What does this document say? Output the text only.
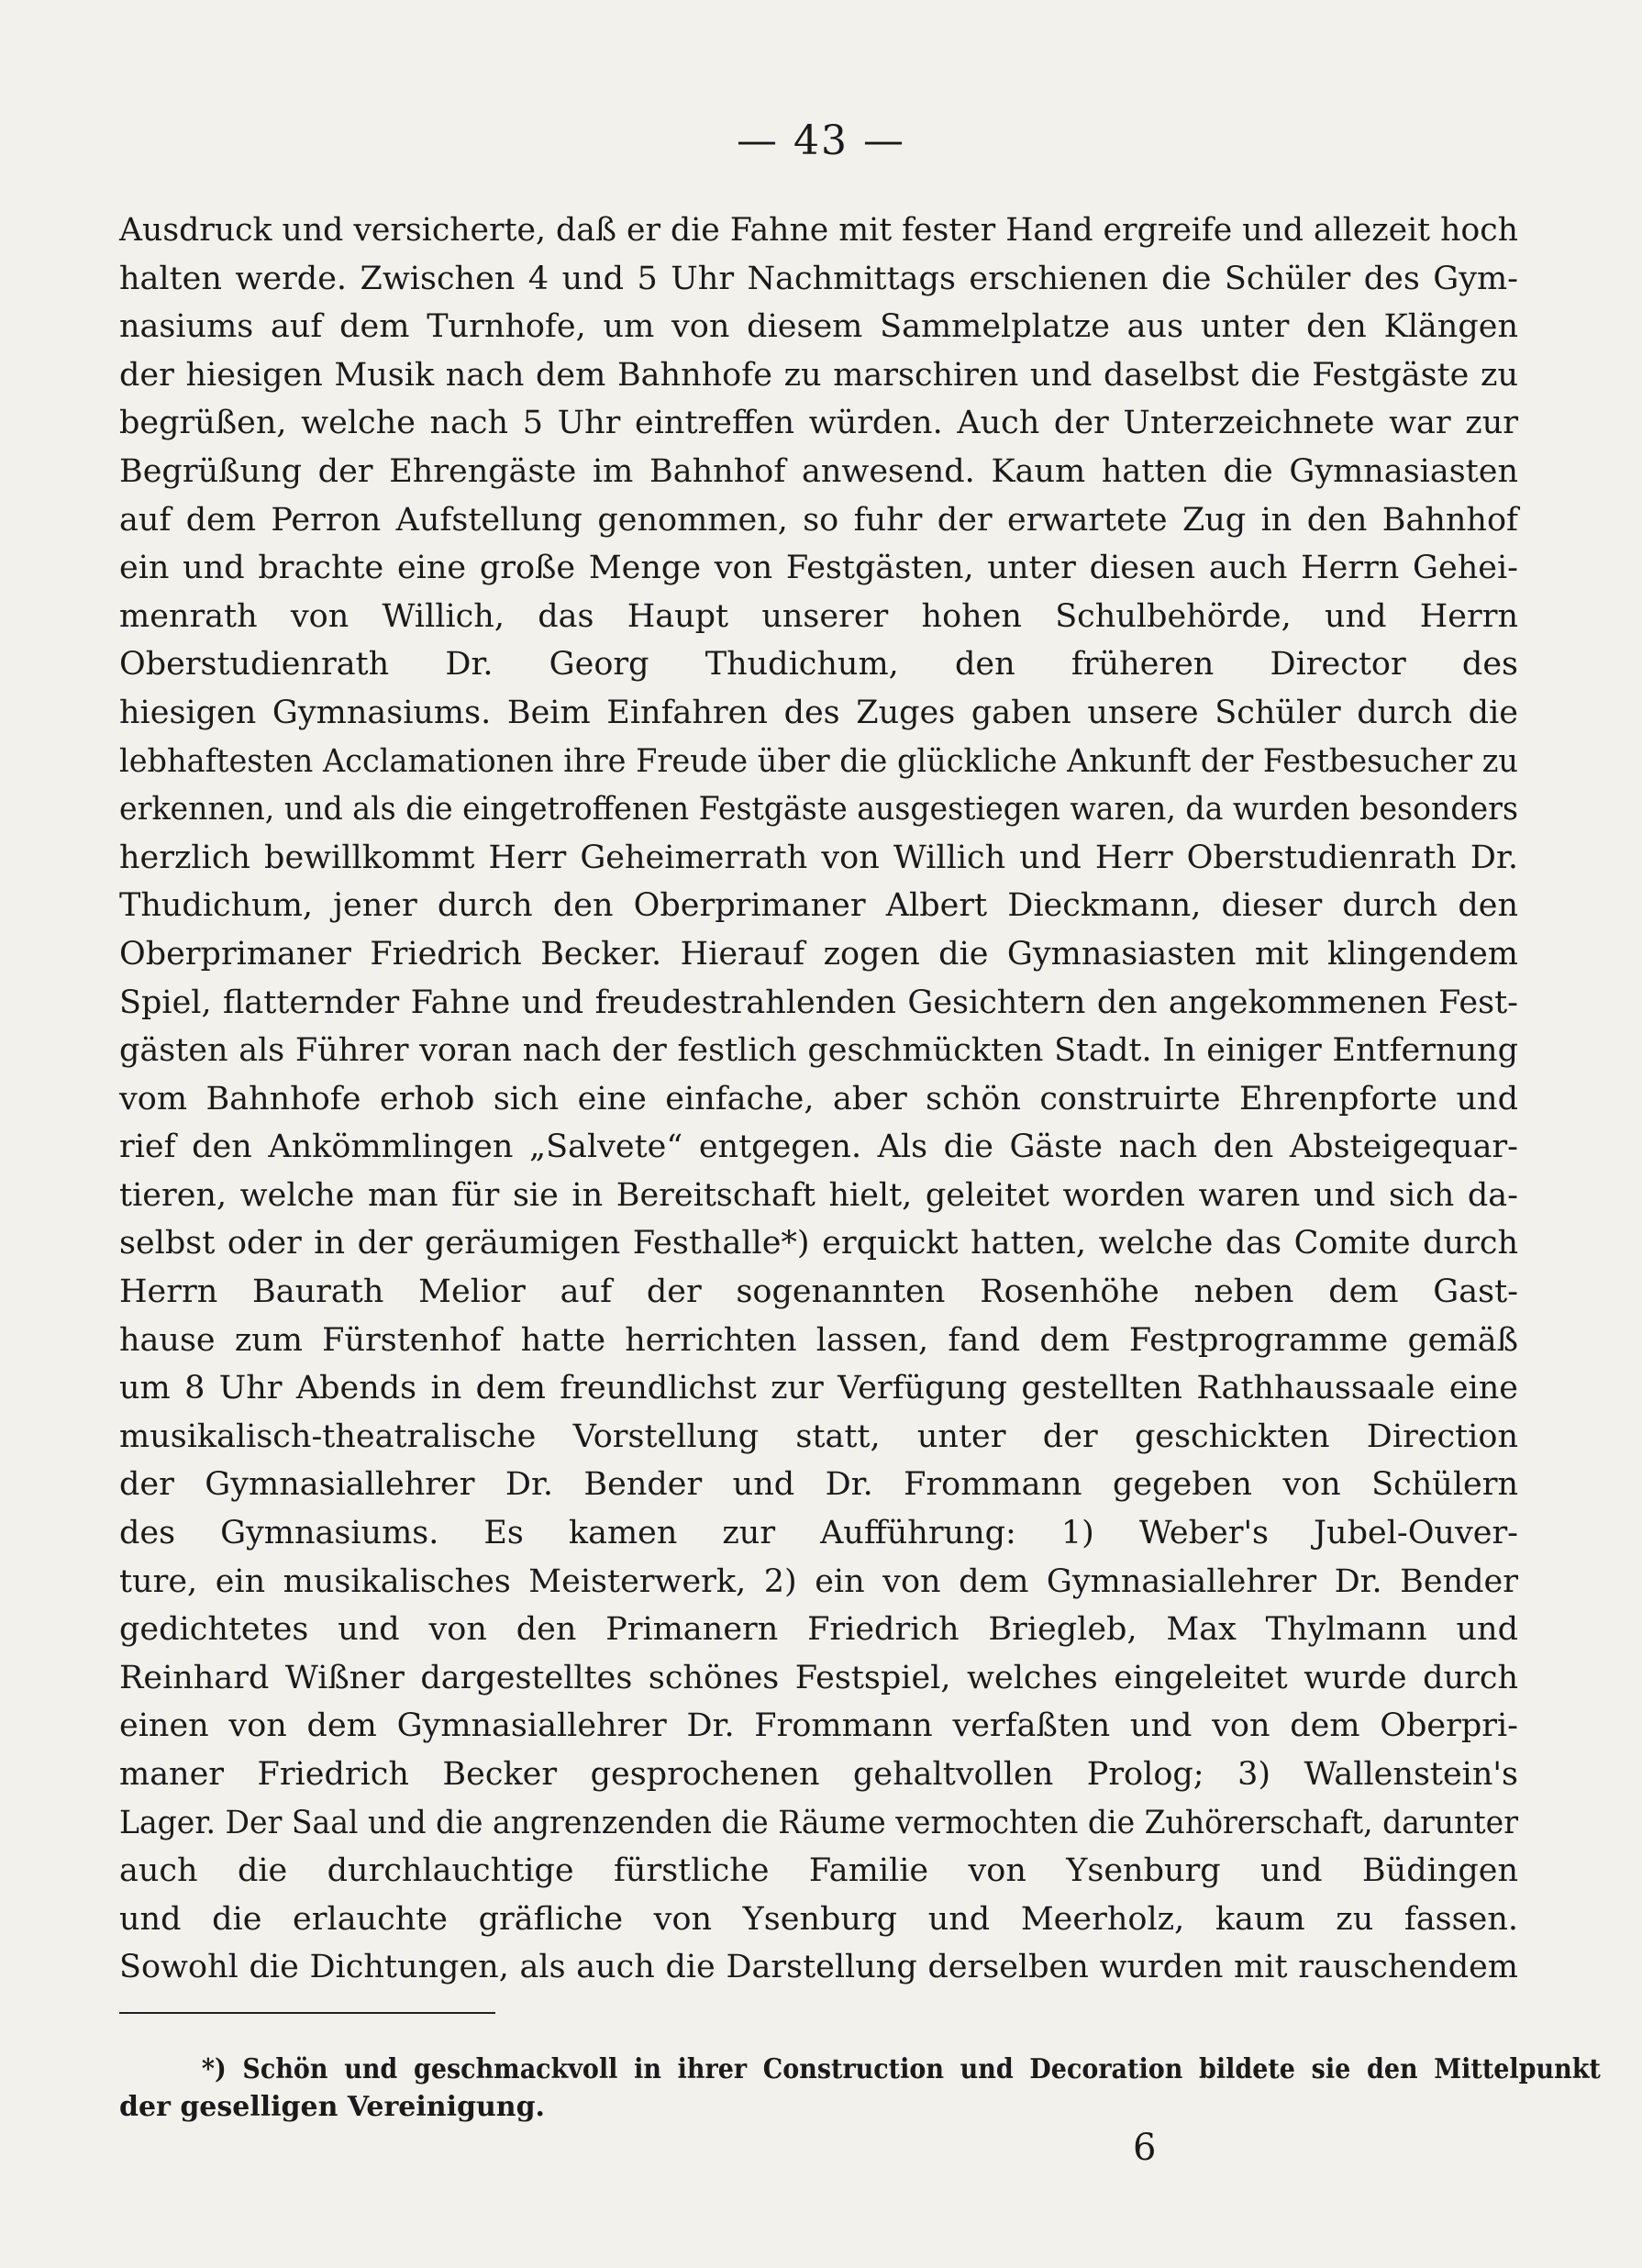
— 43 —
Ausdruck und versicherte, daß er die Fahne mit fester Hand ergreife und allezeit hoch
halten werde. Zwischen 4 und 5 Uhr Nachmittags erschienen die Schüler des Gym-
nasiums auf dem Turnhofe, um von diesem Sammelplatze aus unter den Klängen
der hiesigen Musik nach dem Bahnhofe zu marschiren und daselbst die Festgäste zu
begrüßen, welche nach 5 Uhr eintreffen würden. Auch der Unterzeichnete war zur
Begrüßung der Ehrengäste im Bahnhof anwesend. Kaum hatten die Gymnasiasten
auf dem Perron Aufstellung genommen, so fuhr der erwartete Zug in den Bahnhof
ein und brachte eine große Menge von Festgästen, unter diesen auch Herrn Gehei-
menrath von Willich, das Haupt unserer hohen Schulbehörde, und Herrn
Oberstudienrath Dr. Georg Thudichum, den früheren Director des
hiesigen Gymnasiums. Beim Einfahren des Zuges gaben unsere Schüler durch die
lebhaftesten Acclamationen ihre Freude über die glückliche Ankunft der Festbesucher zu
erkennen, und als die eingetroffenen Festgäste ausgestiegen waren, da wurden besonders
herzlich bewillkommt Herr Geheimerrath von Willich und Herr Oberstudienrath Dr.
Thudichum, jener durch den Oberprimaner Albert Dieckmann, dieser durch den
Oberprimaner Friedrich Becker. Hierauf zogen die Gymnasiasten mit klingendem
Spiel, flatternder Fahne und freudestrahlenden Gesichtern den angekommenen Fest-
gästen als Führer voran nach der festlich geschmückten Stadt. In einiger Entfernung
vom Bahnhofe erhob sich eine einfache, aber schön construirte Ehrenpforte und
rief den Ankömmlingen „Salvete“ entgegen. Als die Gäste nach den Absteigequar-
tieren, welche man für sie in Bereitschaft hielt, geleitet worden waren und sich da-
selbst oder in der geräumigen Festhalle*) erquickt hatten, welche das Comite durch
Herrn Baurath Melior auf der sogenannten Rosenhöhe neben dem Gast-
hause zum Fürstenhof hatte herrichten lassen, fand dem Festprogramme gemäß
um 8 Uhr Abends in dem freundlichst zur Verfügung gestellten Rathhaussaale eine
musikalisch-theatralische Vorstellung statt, unter der geschickten Direction
der Gymnasiallehrer Dr. Bender und Dr. Frommann gegeben von Schülern
des Gymnasiums. Es kamen zur Aufführung: 1) Weber's Jubel-Ouver-
ture, ein musikalisches Meisterwerk, 2) ein von dem Gymnasiallehrer Dr. Bender
gedichtetes und von den Primanern Friedrich Briegleb, Max Thylmann und
Reinhard Wißner dargestelltes schönes Festspiel, welches eingeleitet wurde durch
einen von dem Gymnasiallehrer Dr. Frommann verfaßten und von dem Oberpri-
maner Friedrich Becker gesprochenen gehaltvollen Prolog; 3) Wallenstein's
Lager. Der Saal und die angrenzenden die Räume vermochten die Zuhörerschaft, darunter
auch die durchlauchtige fürstliche Familie von Ysenburg und Büdingen
und die erlauchte gräfliche von Ysenburg und Meerholz, kaum zu fassen.
Sowohl die Dichtungen, als auch die Darstellung derselben wurden mit rauschendem
*) Schön und geschmackvoll in ihrer Construction und Decoration bildete sie den Mittelpunkt
der geselligen Vereinigung.
6
